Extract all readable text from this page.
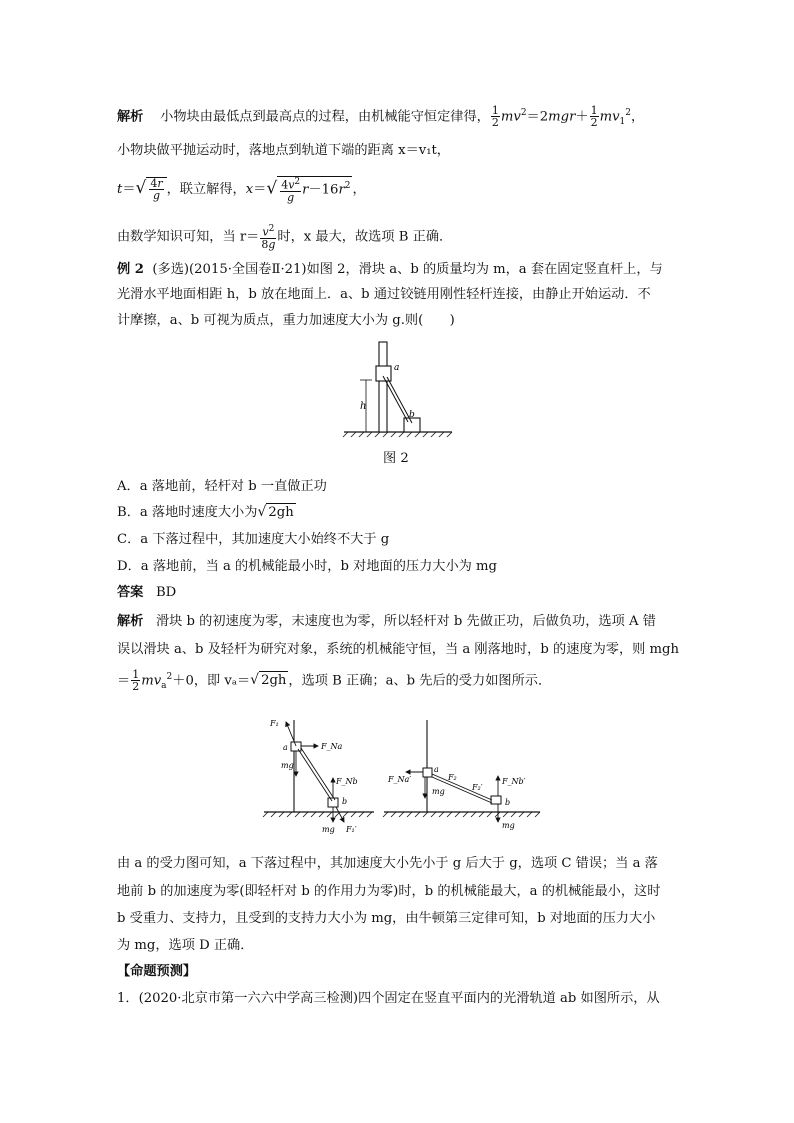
解析 小物块由最低点到最高点的过程，由机械能守恒定律得， $\frac{1}{2} mv^2=2mgr+ \frac{1}{2} mv_1^2$，
小物块做平抛运动时，落地点到轨道下端的距离 x＝v₁t，
$t=√ \frac{4r}{g}$ ，联立解得，$x=√ \frac{4v^2}{g} r-16r^2$ ，
由数学知识可知，当 $r= \frac{v^2}{8g}$ 时，x 最大，故选项 B 正确．
例 2 (多选)(2015·全国卷Ⅱ·21)如图 2，滑块 a、b 的质量均为 m，a 套在固定竖直杆上，与
光滑水平地面相距 h，b 放在地面上．a、b 通过铰链用刚性轻杆连接，由静止开始运动．不
计摩擦，a、b 可视为质点，重力加速度大小为 g.则(　　)
h
a
b
图 2
A．a 落地前，轻杆对 b 一直做正功
B．a 落地时速度大小为√ 2gh
C．a 下落过程中，其加速度大小始终不大于 g
D．a 落地前，当 a 的机械能最小时，b 对地面的压力大小为 mg
答案 BD
解析 滑块 b 的初速度为零，末速度也为零，所以轻杆对 b 先做正功，后做负功，选项 A 错
误以滑块 a、b 及轻杆为研究对象，系统的机械能守恒，当 a 刚落地时，b 的速度为零，则 mgh
＝ $\frac{1}{2} mv_a^2+0$，即 vₐ＝√ 2gh ，选项 B 正确；a、b 先后的受力如图所示．
F₁
F_Na
a
mg
F_Nb
b
mg F₁′
F_Na′
a
mg
F₂
F₂′
F_Nb′
b
mg
由 a 的受力图可知，a 下落过程中，其加速度大小先小于 g 后大于 g，选项 C 错误；当 a 落
地前 b 的加速度为零(即轻杆对 b 的作用力为零)时，b 的机械能最大，a 的机械能最小，这时
b 受重力、支持力，且受到的支持力大小为 mg，由牛顿第三定律可知，b 对地面的压力大小
为 mg，选项 D 正确．
【命题预测】
1．(2020·北京市第一六六中学高三检测)四个固定在竖直平面内的光滑轨道 ab 如图所示，从
